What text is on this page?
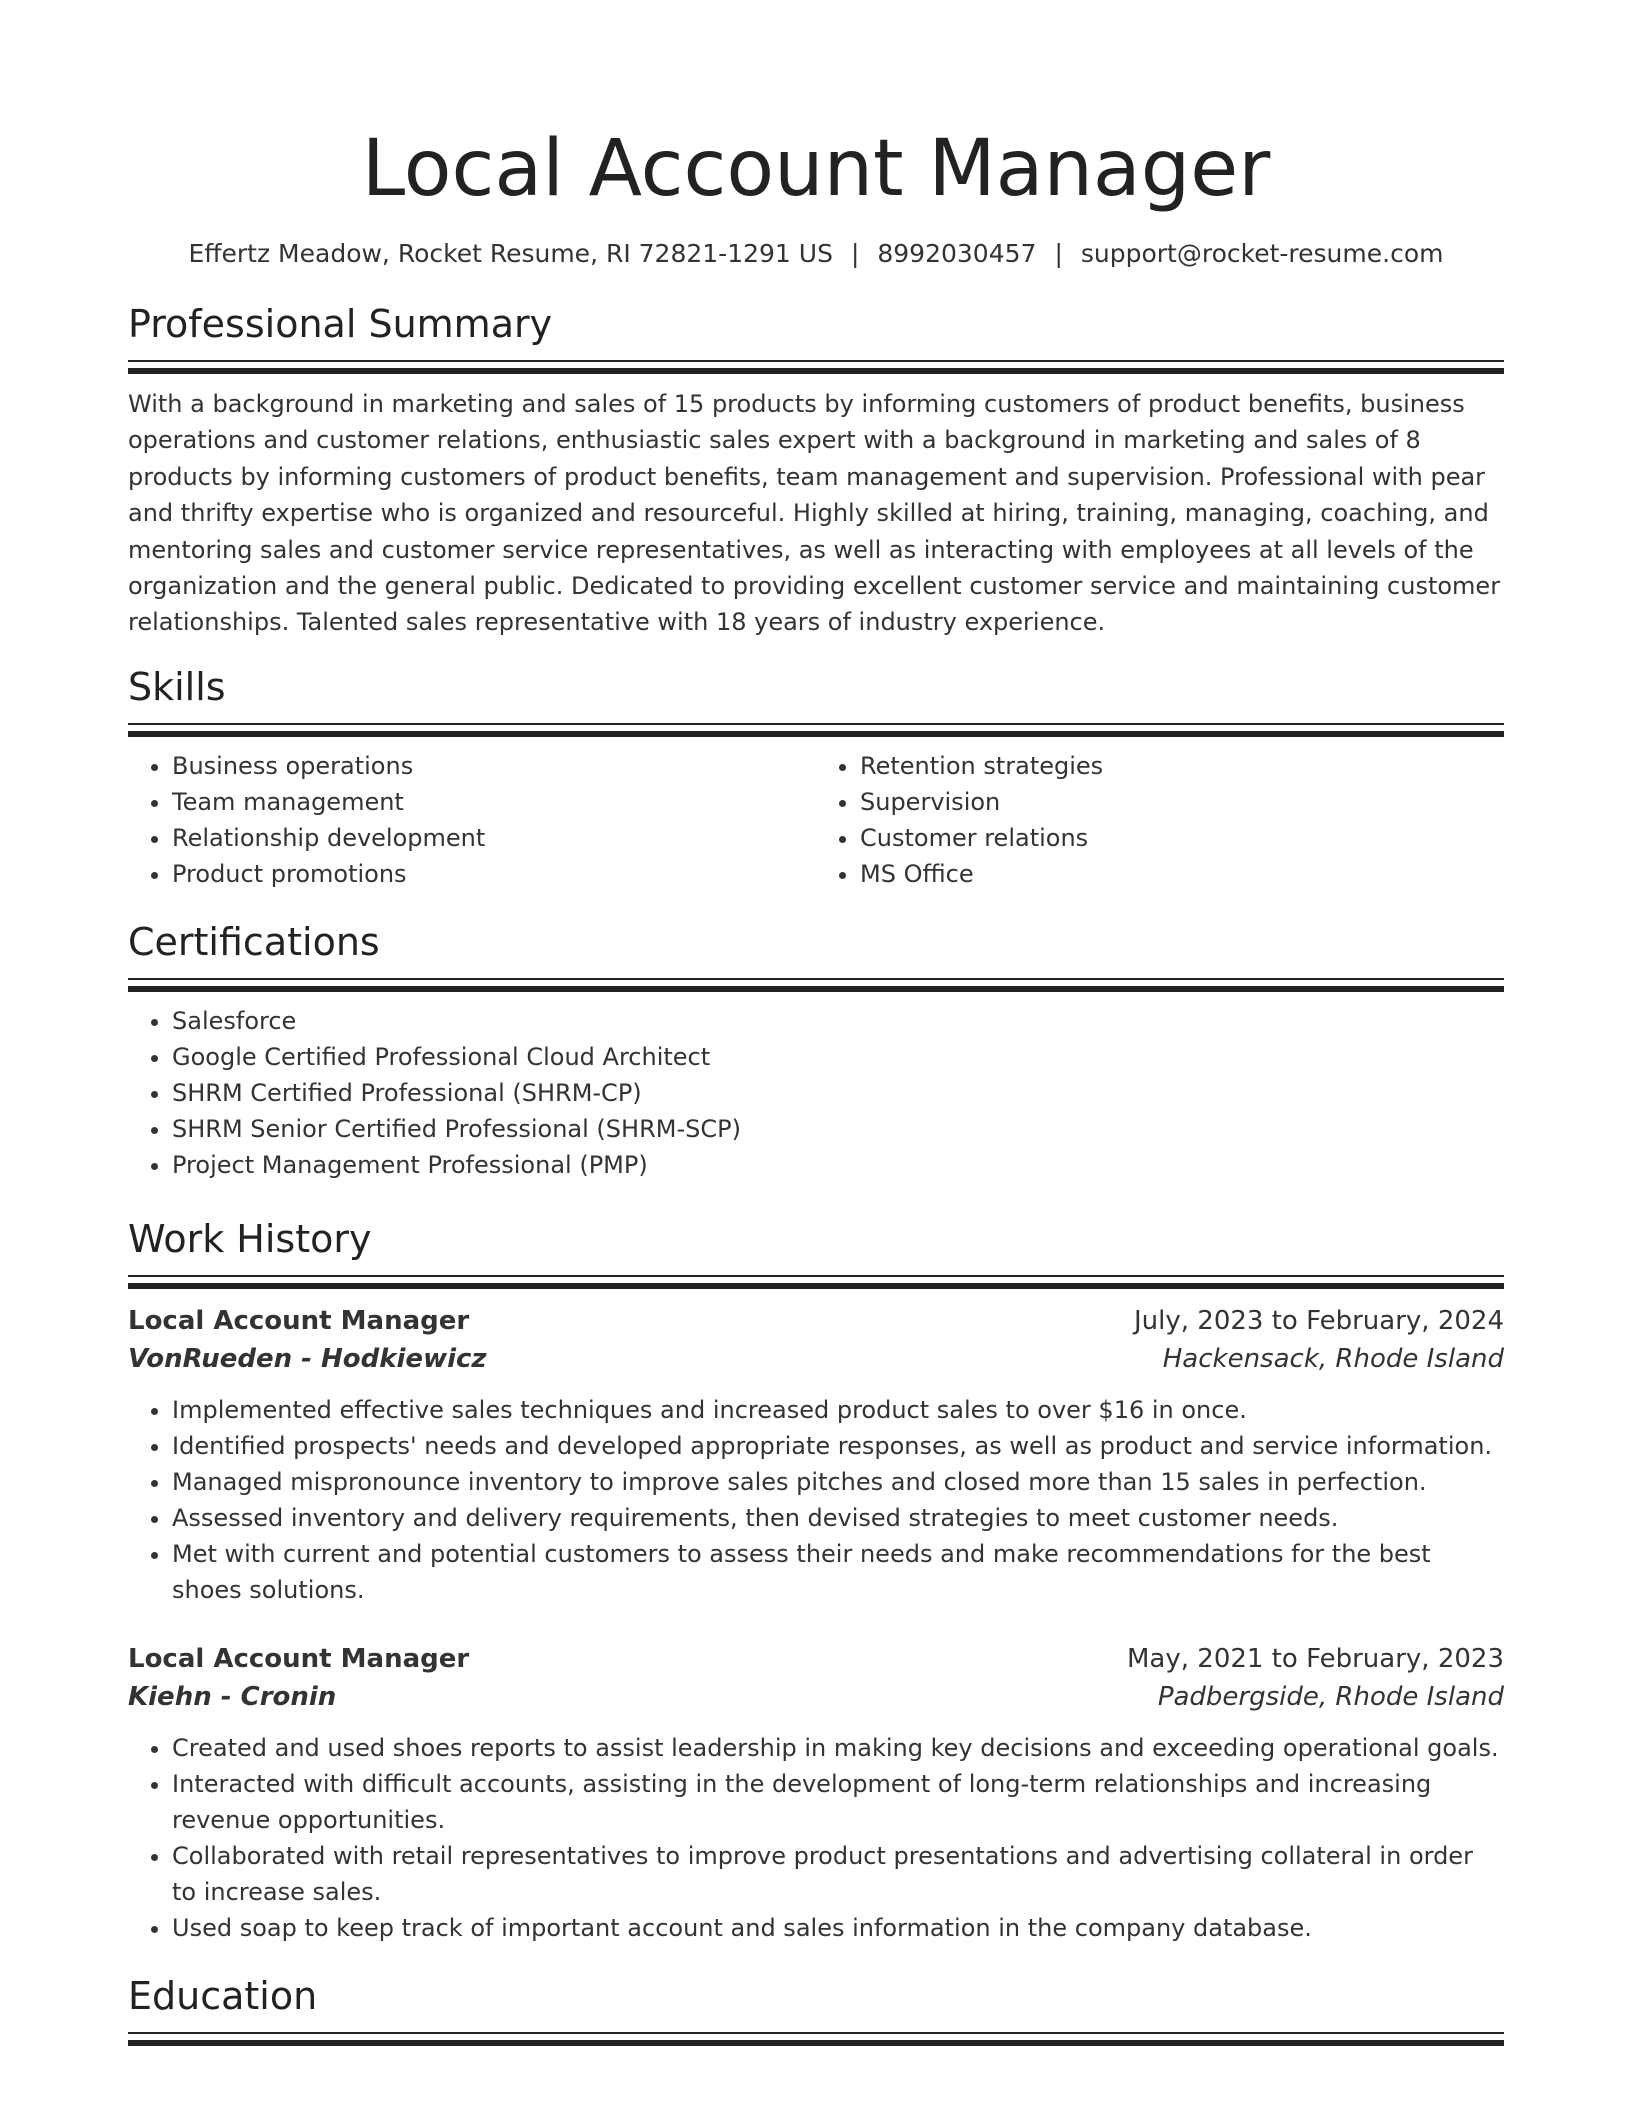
Local Account Manager
Effertz Meadow, Rocket Resume, RI 72821-1291 US | 8992030457 | support@rocket-resume.com
Professional Summary

With a background in marketing and sales of 15 products by informing customers of product benefits, business operations and customer relations, enthusiastic sales expert with a background in marketing and sales of 8 products by informing customers of product benefits, team management and supervision. Professional with pear and thrifty expertise who is organized and resourceful. Highly skilled at hiring, training, managing, coaching, and mentoring sales and customer service representatives, as well as interacting with employees at all levels of the organization and the general public. Dedicated to providing excellent customer service and maintaining customer relationships. Talented sales representative with 18 years of industry experience.

Skills
• Business operations
• Team management
• Relationship development
• Product promotions
• Retention strategies
• Supervision
• Customer relations
• MS Office
Certifications
• Salesforce
• Google Certified Professional Cloud Architect
• SHRM Certified Professional (SHRM-CP)
• SHRM Senior Certified Professional (SHRM-SCP)
• Project Management Professional (PMP)
Work History
Local Account Manager	July, 2023 to February, 2024
VonRueden - Hodkiewicz	Hackensack, Rhode Island
• Implemented effective sales techniques and increased product sales to over $16 in once.
• Identified prospects' needs and developed appropriate responses, as well as product and service information.
• Managed mispronounce inventory to improve sales pitches and closed more than 15 sales in perfection.
• Assessed inventory and delivery requirements, then devised strategies to meet customer needs.
• Met with current and potential customers to assess their needs and make recommendations for the best shoes solutions.
Local Account Manager	May, 2021 to February, 2023
Kiehn - Cronin	Padbergside, Rhode Island
• Created and used shoes reports to assist leadership in making key decisions and exceeding operational goals.
• Interacted with difficult accounts, assisting in the development of long-term relationships and increasing revenue opportunities.
• Collaborated with retail representatives to improve product presentations and advertising collateral in order to increase sales.
• Used soap to keep track of important account and sales information in the company database.
Education
